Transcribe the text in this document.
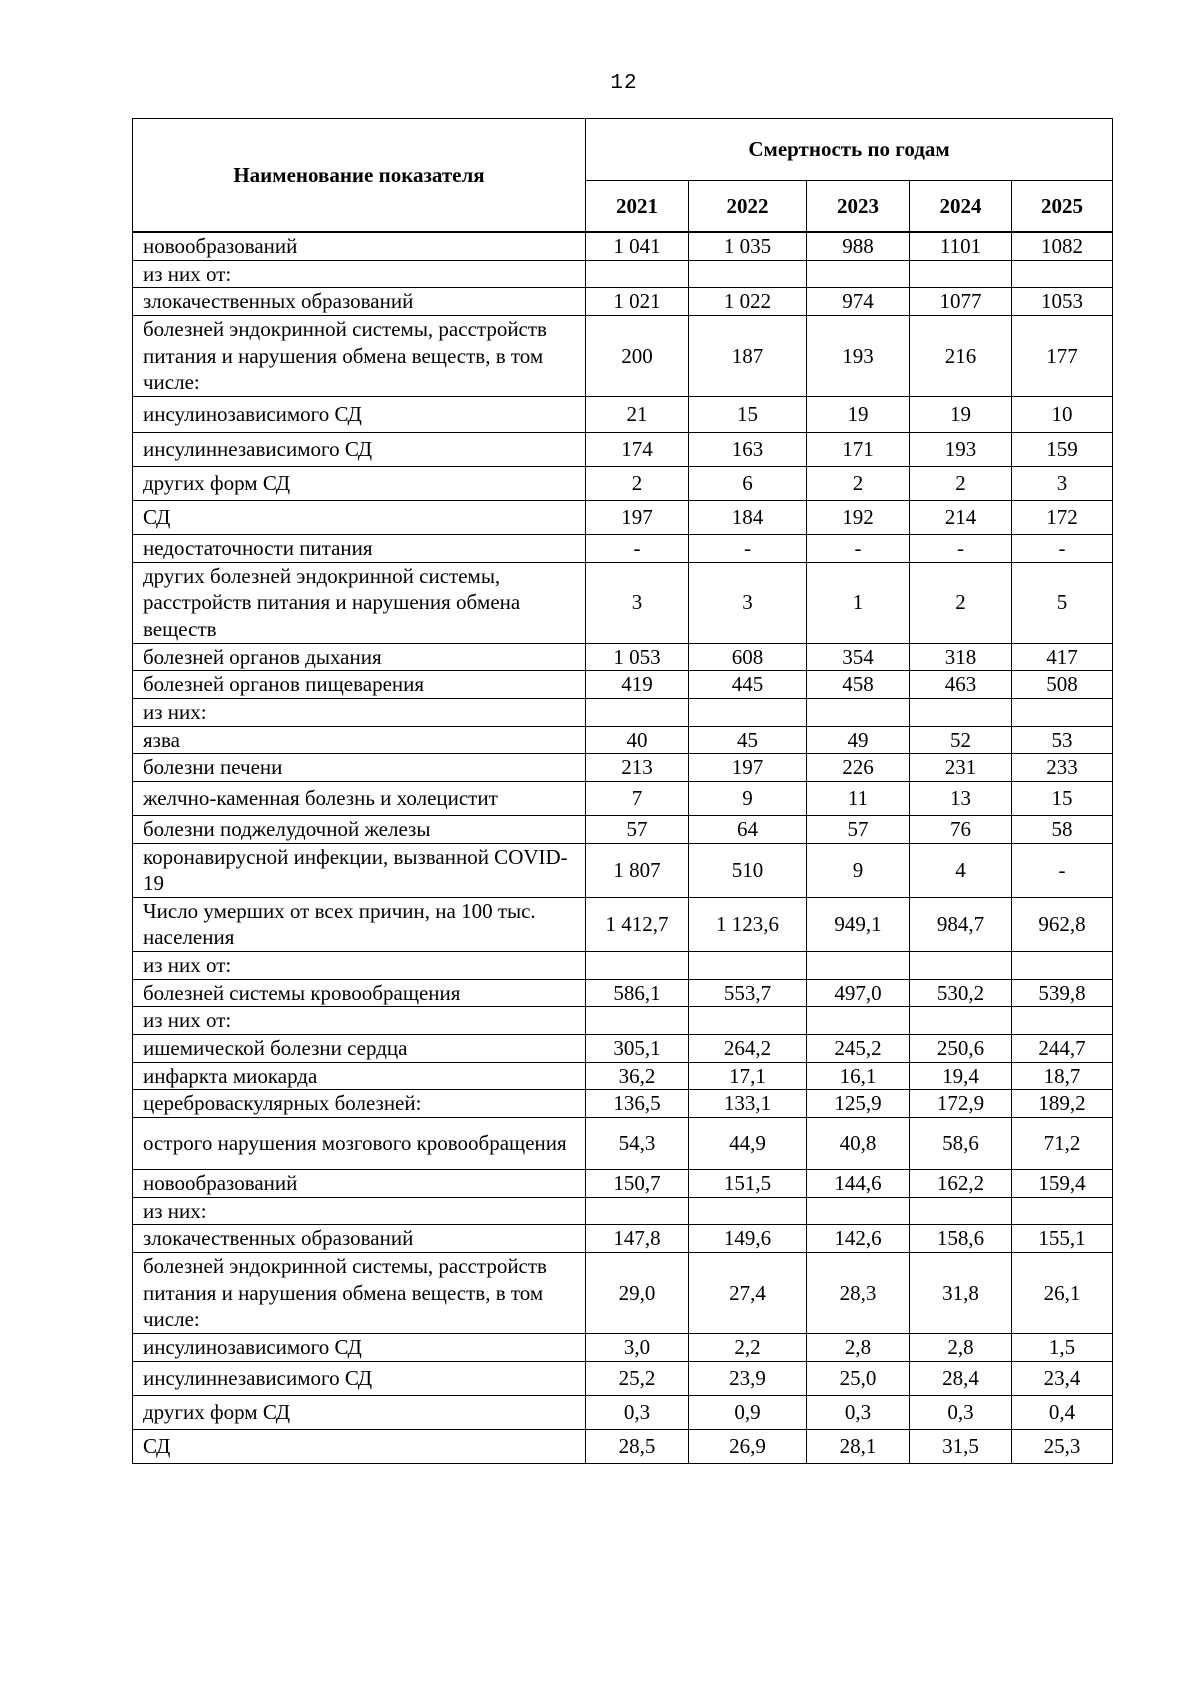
12
Наименование показателя	Смертность по годам				
	2021	2022	2023	2024	2025
новообразований	1 041	1 035	988	1101	1082
из них от:					
злокачественных образований	1 021	1 022	974	1077	1053
болезней эндокринной системы, расстройств питания и нарушения обмена веществ, в том числе:	200	187	193	216	177
инсулинозависимого СД	21	15	19	19	10
инсулиннезависимого СД	174	163	171	193	159
других форм СД	2	6	2	2	3
СД	197	184	192	214	172
недостаточности питания	-	-	-	-	-
других болезней эндокринной системы, расстройств питания и нарушения обмена веществ	3	3	1	2	5
болезней органов дыхания	1 053	608	354	318	417
болезней органов пищеварения	419	445	458	463	508
из них:					
язва	40	45	49	52	53
болезни печени	213	197	226	231	233
желчно-каменная болезнь и холецистит	7	9	11	13	15
болезни поджелудочной железы	57	64	57	76	58
коронавирусной инфекции, вызванной COVID-19	1 807	510	9	4	-
Число умерших от всех причин, на 100 тыс. населения	1 412,7	1 123,6	949,1	984,7	962,8
из них от:					
болезней системы кровообращения	586,1	553,7	497,0	530,2	539,8
из них от:					
ишемической болезни сердца	305,1	264,2	245,2	250,6	244,7
инфаркта миокарда	36,2	17,1	16,1	19,4	18,7
цереброваскулярных болезней:	136,5	133,1	125,9	172,9	189,2
острого нарушения мозгового кровообращения	54,3	44,9	40,8	58,6	71,2
новообразований	150,7	151,5	144,6	162,2	159,4
из них:					
злокачественных образований	147,8	149,6	142,6	158,6	155,1
болезней эндокринной системы, расстройств питания и нарушения обмена веществ, в том числе:	29,0	27,4	28,3	31,8	26,1
инсулинозависимого СД	3,0	2,2	2,8	2,8	1,5
инсулиннезависимого СД	25,2	23,9	25,0	28,4	23,4
других форм СД	0,3	0,9	0,3	0,3	0,4
СД	28,5	26,9	28,1	31,5	25,3
